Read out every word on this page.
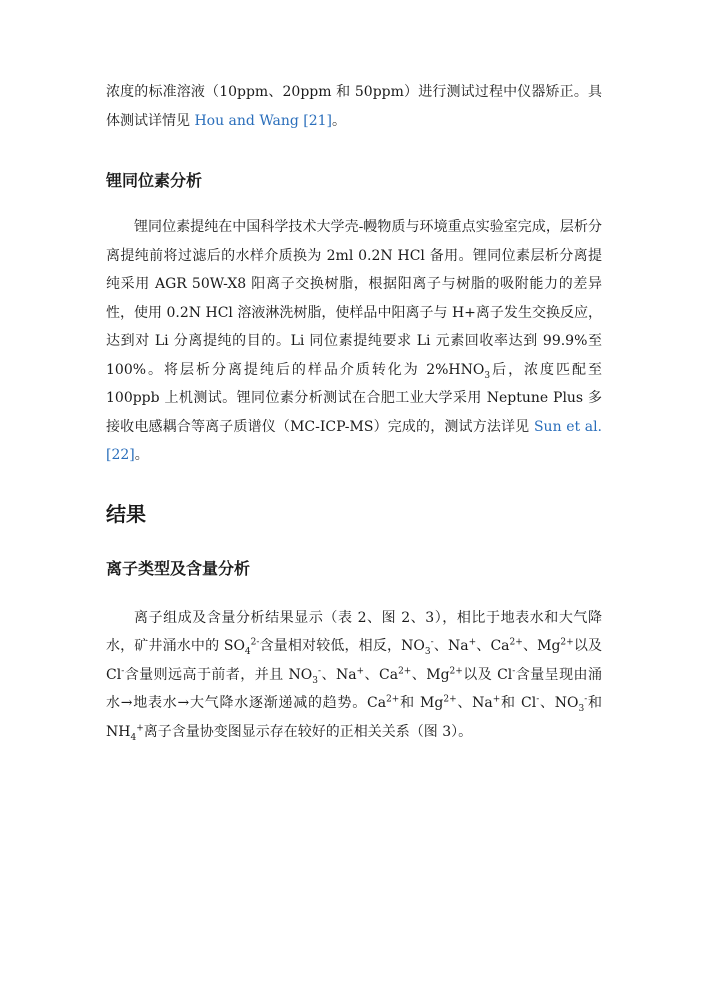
浓度的标准溶液（10ppm、20ppm 和 50ppm）进行测试过程中仪器矫正。具体测试详情见 Hou and Wang [21]。

锂同位素分析

锂同位素提纯在中国科学技术大学壳-幔物质与环境重点实验室完成，层析分离提纯前将过滤后的水样介质换为 2ml 0.2N HCl 备用。锂同位素层析分离提纯采用 AGR 50W-X8 阳离子交换树脂，根据阳离子与树脂的吸附能力的差异性，使用 0.2N HCl 溶液淋洗树脂，使样品中阳离子与 H+离子发生交换反应，达到对 Li 分离提纯的目的。Li 同位素提纯要求 Li 元素回收率达到 99.9%至 100%。将层析分离提纯后的样品介质转化为 $2\%HNO_3$后，浓度匹配至 100ppb 上机测试。锂同位素分析测试在合肥工业大学采用 Neptune Plus 多接收电感耦合等离子质谱仪（MC-ICP-MS）完成的，测试方法详见 Sun et al. [22]。

结果
离子类型及含量分析

离子组成及含量分析结果显示（表 2、图 2、3），相比于地表水和大气降水，矿井涌水中的 $SO_4^{2-}$含量相对较低，相反，$NO_3^-$、Na+、$Ca^{2+}$、$Mg^{2+}$以及 Cl-含量则远高于前者，并且 $NO_3^-$、Na+、$Ca^{2+}$、$Mg^{2+}$以及 Cl-含量呈现由涌水→地表水→大气降水逐渐递减的趋势。$Ca^{2+}$和 $Mg^{2+}$、Na+和 Cl-、$NO_3^-$和 $NH_4^+$离子含量协变图显示存在较好的正相关关系（图 3）。
